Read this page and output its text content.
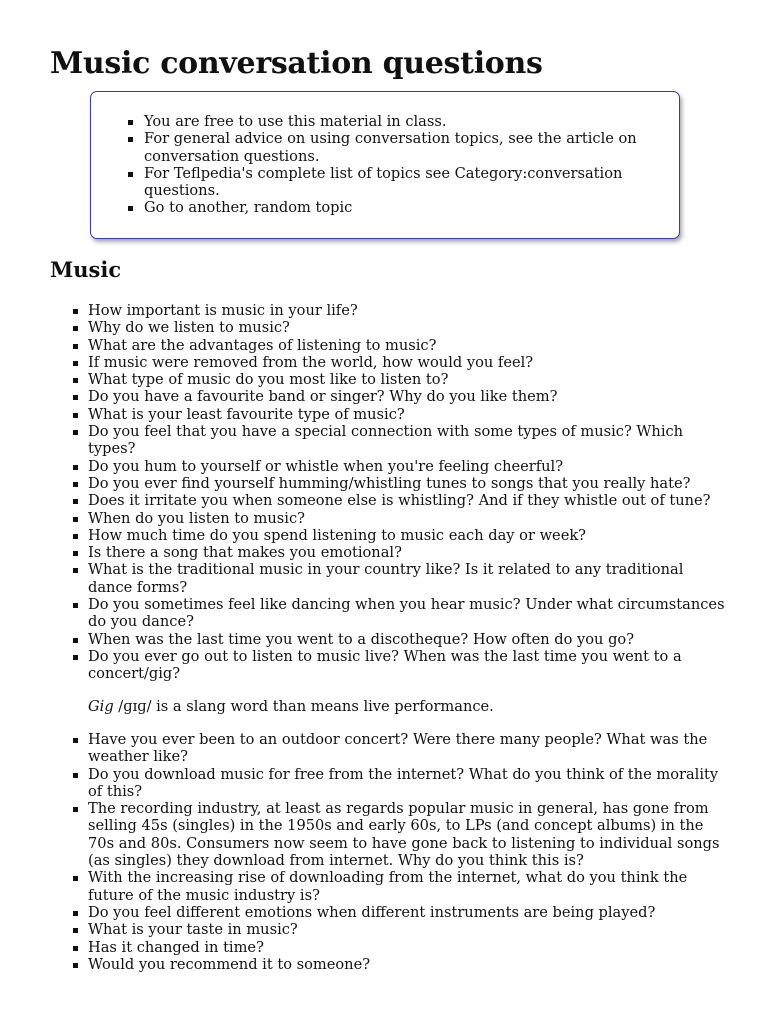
Music conversation questions
You are free to use this material in class.
For general advice on using conversation topics, see the article on conversation questions.
For Teflpedia's complete list of topics see Category:conversation questions.
Go to another, random topic
Music
How important is music in your life?
Why do we listen to music?
What are the advantages of listening to music?
If music were removed from the world, how would you feel?
What type of music do you most like to listen to?
Do you have a favourite band or singer? Why do you like them?
What is your least favourite type of music?
Do you feel that you have a special connection with some types of music? Which types?
Do you hum to yourself or whistle when you're feeling cheerful?
Do you ever find yourself humming/whistling tunes to songs that you really hate?
Does it irritate you when someone else is whistling? And if they whistle out of tune?
When do you listen to music?
How much time do you spend listening to music each day or week?
Is there a song that makes you emotional?
What is the traditional music in your country like? Is it related to any traditional dance forms?
Do you sometimes feel like dancing when you hear music? Under what circumstances do you dance?
When was the last time you went to a discotheque? How often do you go?
Do you ever go out to listen to music live? When was the last time you went to a concert/gig?

Gig /ɡɪɡ/ is a slang word than means live performance.

Have you ever been to an outdoor concert? Were there many people? What was the weather like?
Do you download music for free from the internet? What do you think of the morality of this?
The recording industry, at least as regards popular music in general, has gone from selling 45s (singles) in the 1950s and early 60s, to LPs (and concept albums) in the 70s and 80s. Consumers now seem to have gone back to listening to individual songs (as singles) they download from internet. Why do you think this is?
With the increasing rise of downloading from the internet, what do you think the future of the music industry is?
Do you feel different emotions when different instruments are being played?
What is your taste in music?
Has it changed in time?
Would you recommend it to someone?
